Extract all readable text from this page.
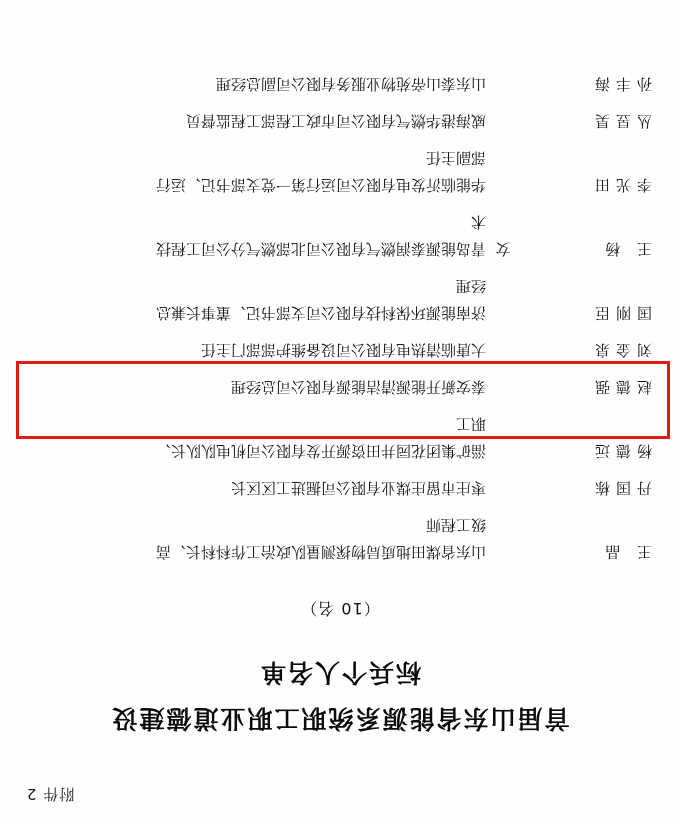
附件 2
首届山东省能源系统职工职业道德建设
标兵个人名单
（10 名）
王 晶		山东省煤田地质局物探测量队政治工作科科长、高
级工程师

丹国栋		枣庄市留庄煤业有限公司掘进工区区长

杨德远		淄矿集团花园井田资源开发有限公司机电队队长、
职工

赵德强		泰安新开能源清洁能源有限公司总经理

刘金泉		大唐临清热电有限公司设备维护部部门主任

国刚臣		济南能源环保科技有限公司支部书记、董事长兼总
经理

王 杨	女	青岛能源泰润燃气有限公司北部燃气分公司工程技
术

李光田		华能临沂发电有限公司运行第一党支部书记、运行
部副主任

丛昱昊		威海港华燃气有限公司市政工程部工程监督员

孙丰海		山东泰山帝苑物业服务有限公司副总经理
